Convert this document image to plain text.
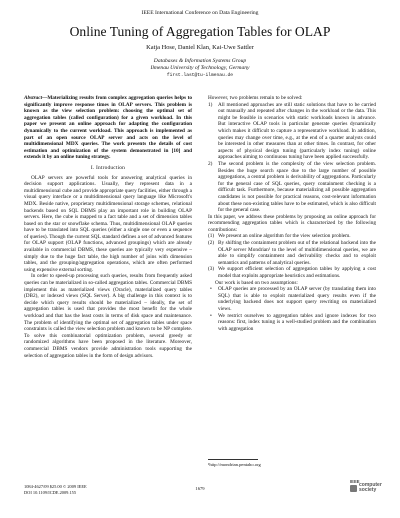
IEEE International Conference on Data Engineering
Online Tuning of Aggregation Tables for OLAP
Katja Hose, Daniel Klan, Kai-Uwe Sattler
Databases & Information Systems Group
Ilmenau University of Technology, Germany
first.last@tu-ilmenau.de

Abstract—Materializing results from complex aggregation queries helps to significantly improve response times in OLAP servers. This problem is known as the view selection problem: choosing the optimal set of aggregation tables (called configuration) for a given workload. In this paper we present an online approach for adapting the configuration dynamically to the current workload. This approach is implemented as part of an open source OLAP server and acts on the level of multidimensional MDX queries. The work presents the details of cost estimation and optimization of the system demonstrated in [10] and extends it by an online tuning strategy.

I. Introduction

OLAP servers are powerful tools for answering analytical queries in decision support applications. Usually, they represent data in a multidimensional cube and provide appropriate query facilities, either through a visual query interface or a multidimensional query language like Microsoft's MDX. Beside native, proprietary multidimensional storage schemes, relational backends based on SQL DBMS play an important role in building OLAP servers. Here, the cube is mapped to a fact table and a set of dimension tables based on the star or snowflake schema. Thus, multidimensional OLAP queries have to be translated into SQL queries (either a single one or even a sequence of queries). Though the current SQL standard defines a set of advanced features for OLAP support (OLAP functions, advanced groupings) which are already available in commercial DBMS, these queries are typically very expensive – simply due to the huge fact table, the high number of joins with dimension tables, and the grouping/aggregation operations, which are often performed using expensive external sorting.

In order to speed-up processing such queries, results from frequently asked queries can be materialized in so-called aggregation tables. Commercial DBMS implement this as materialized views (Oracle), materialized query tables (DB2), or indexed views (SQL Server). A big challenge in this context is to decide which query results should be materialized – ideally, the set of aggregation tables is used that provides the most benefit for the whole workload and that has the least costs in terms of disk space and maintenance. The problem of identifying the optimal set of aggregation tables under space constraints is called the view selection problem and known to be NP complete. To solve this combinatorial optimization problem, several greedy or randomized algorithms have been proposed in the literature. Moreover, commercial DBMS vendors provide administration tools supporting the selection of aggregation tables in the form of design advisors.

However, two problems remain to be solved:

1) All mentioned approaches are still static solutions that have to be carried out manually and repeated after changes in the workload or the data. This might be feasible in scenarios with static workloads known in advance. But interactive OLAP tools in particular generate queries dynamically which makes it difficult to capture a representative workload. In addition, queries may change over time, e.g., at the end of a quarter analysts could be interested in other measures than at other times. In contrast, for other aspects of physical design tuning (particularly index tuning) online approaches aiming to continuous tuning have been applied successfully.

2) The second problem is the complexity of the view selection problem. Besides the huge search space due to the large number of possible aggregations, a central problem is derivability of aggregations. Particularly for the general case of SQL queries, query containment checking is a difficult task. Furthermore, because materializing all possible aggregation candidates is not possible for practical reasons, cost-relevant information about these non-existing tables have to be estimated, which is also difficult for the general case.

In this paper, we address these problems by proposing an online approach for recommending aggregation tables which is characterized by the following contributions:

(1) We present an online algorithm for the view selection problem.

(2) By shifting the containment problem out of the relational backend into the OLAP server Mondrian¹ to the level of multidimensional queries, we are able to simplify containment and derivability checks and to exploit semantics and patterns of analytical queries.

(3) We support efficient selection of aggregation tables by applying a cost model that exploits appropriate heuristics and estimations.

Our work is based on two assumptions:

• OLAP queries are processed by an OLAP server (by translating them into SQL) that is able to exploit materialized query results even if the underlying backend does not support query rewriting on materialized views.

• We restrict ourselves to aggregation tables and ignore indexes for two reasons: first, index tuning is a well-studied problem and the combination with aggregation

¹http://mondrian.pentaho.org
1084-4627/09 $25.00 © 2009 IEEE
DOI 10.1109/ICDE.2009.155
1679
IEEE
computer society
